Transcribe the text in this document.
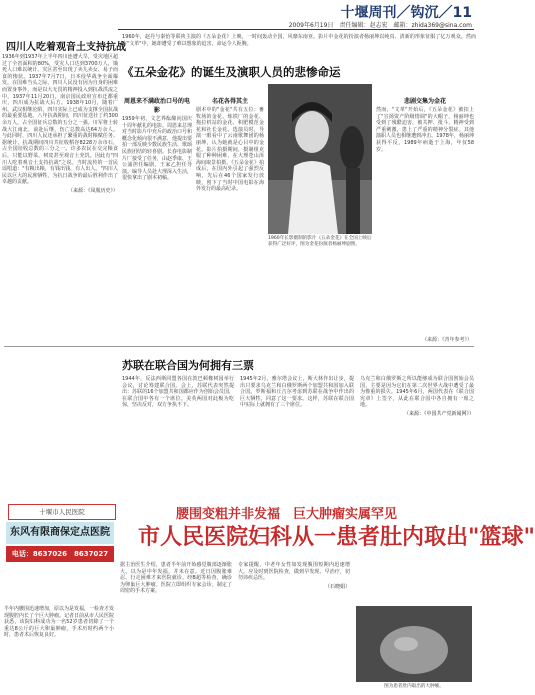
十堰周刊／钩沉／11
2009年6月19日　责任编辑：赵志宏　邮箱：zhida369@sina.com
四川人吃着观音土支持抗战

1936年到1937年上半年四川连遭大旱，受灾地区超过了全省面积的80%，受灾人口达到3700万人，饿死人口难以统计。灾区甚至出现了卖儿卖女、易子而食的惨状。1937年7月7日，日本侵华战争全面爆发。在国难当头之际，四川人民没有因为自身的困难而置身事外，而是以大无畏的精神投入到抗战洪流之中。1937年11月20日，南京国民政府宣布迁都重庆，四川成为抗战大后方。1938年10月，随着广州、武汉相继沦陷，四川实际上已成为支撑全国抗战的最重要基地。八年抗战期间，四川征送壮丁约300余万人，占全国征兵总数的五分之一强。川军将士转战大江南北，前赴后继，伤亡总数高达64万余人。与此同时，四川人民还承担了繁重的战时粮赋任务。据统计，抗战期间四川共征收稻谷8228万余市石，占全国征收总数的三分之一。许多农民在交完粮食后，只能以野菜、树皮甚至观音土充饥。因此有"四川人吃着观音土支持抗战"之说。当时流传的一首民谣唱道："有粮出粮，有钱出钱，有人出人。"四川人民以巨大的民族牺牲，为抗日战争的最后胜利作出了卓越的贡献。

（来源：《凤凰历史》）

1960年，赵丹与秦怡等联袂主演的《五朵金花》上映，一时间轰动全国，风靡东南亚。影片中金花的扮演者杨丽坤以纯真、清新的形象征服了亿万观众。然而在"文革"中，她却遭受了难以想象的迫害，命运令人扼腕。

《五朵金花》的诞生及演职人员的悲惨命运
周恩来不满政治口号的电影

1959年初，文艺界酝酿向国庆十周年献礼的电影。周恩来总理对当时影片中充斥的政治口号和概念化倾向很不满意，他提出要拍一部反映少数民族生活、歌颂民族团结的轻喜剧。长春电影制片厂接受了任务，由赵季康、王公浦担任编剧，王家乙担任导演。编导人员赴大理深入生活，很快拿出了剧本初稿。

名花各得其主

剧本中的"金花"共有五位：畜牧场的金花、炼铁厂的金花、拖拉机站的金花、积肥模范金花和社长金花。选演员时，导演一眼看中了云南歌舞团的杨丽坤，认为她就是心目中的金花。影片拍摄期间，摄制组克服了种种困难，在大理苍山洱海间取景拍摄。《五朵金花》拍成后，在国内外引起了强烈反响，先后在46个国家发行放映，创下了当时中国电影在海外发行的最高纪录。

1960年长影摄制的影片《五朵金花》在全国上映后获得广泛好评，图为金花扮演者杨丽坤剧照。
悲剧交集为金花

然而，"文革"开始后，《五朵金花》被扣上了"宣扬资产阶级情调"的大帽子，杨丽坤也受到了残酷迫害，被关押、批斗，精神受到严重刺激，患上了严重的精神分裂症。其他演职人员也相继遭到冲击。1978年，杨丽坤获得平反，1989年病逝于上海，年仅58岁。

（来源：《青年参考》）
苏联在联合国为何拥有三票

1944年，反法西斯同盟各国在敦巴顿橡树园举行会议，讨论筹建联合国。会上，苏联代表突然提出：苏联的16个加盟共和国都应作为创始会员国，在联合国中各有一个席位。美英两国对此极为吃惊，坚决反对，双方争执不下。

1945年2月，雅尔塔会议上，斯大林作出让步，提出只要求乌克兰和白俄罗斯两个加盟共和国加入联合国。罗斯福和丘吉尔考虑到苏联在战争中作出的巨大牺牲，同意了这一要求。这样，苏联在联合国中实际上就拥有了三个席位。

乌克兰和白俄罗斯之所以能够成为联合国创始会员国，主要是因为它们在第二次世界大战中遭受了最为惨重的损失。1945年6月，两国代表在《联合国宪章》上签字，从此在联合国中各自拥有一席之地。

（来源：《中国共产党新闻网》）
十堰市人民医院
东风有限商保定点医院
电话：8637026　8637027
腰围变粗并非发福　巨大肿瘤实属罕见
市人民医院妇科从一患者肚内取出"篮球"

半年内腰围迅速增加，原以为是发福，一检查才发现腹腔内长了个巨大肿瘤。记者日前从市人民医院获悉，该院妇科成功为一名52岁患者切除了一个重达8公斤的巨大卵巢肿瘤，手术历时约两个小时，患者术后恢复良好。

据主治医生介绍，患者半年前开始感觉腹部逐渐胀大，以为是中年发福，并未在意。近日因腹胀难忍、行走困难才来医院就诊。经B超等检查，确诊为卵巢巨大肿瘤。医院立即组织专家会诊，制定了周密的手术方案。

专家提醒，中老年女性如发现腹围短期内迅速增大，应及时到医院检查，做到早发现、早治疗，切勿讳疾忌医。

（石晓娟）
图为患者肚内取出的大肿瘤。
